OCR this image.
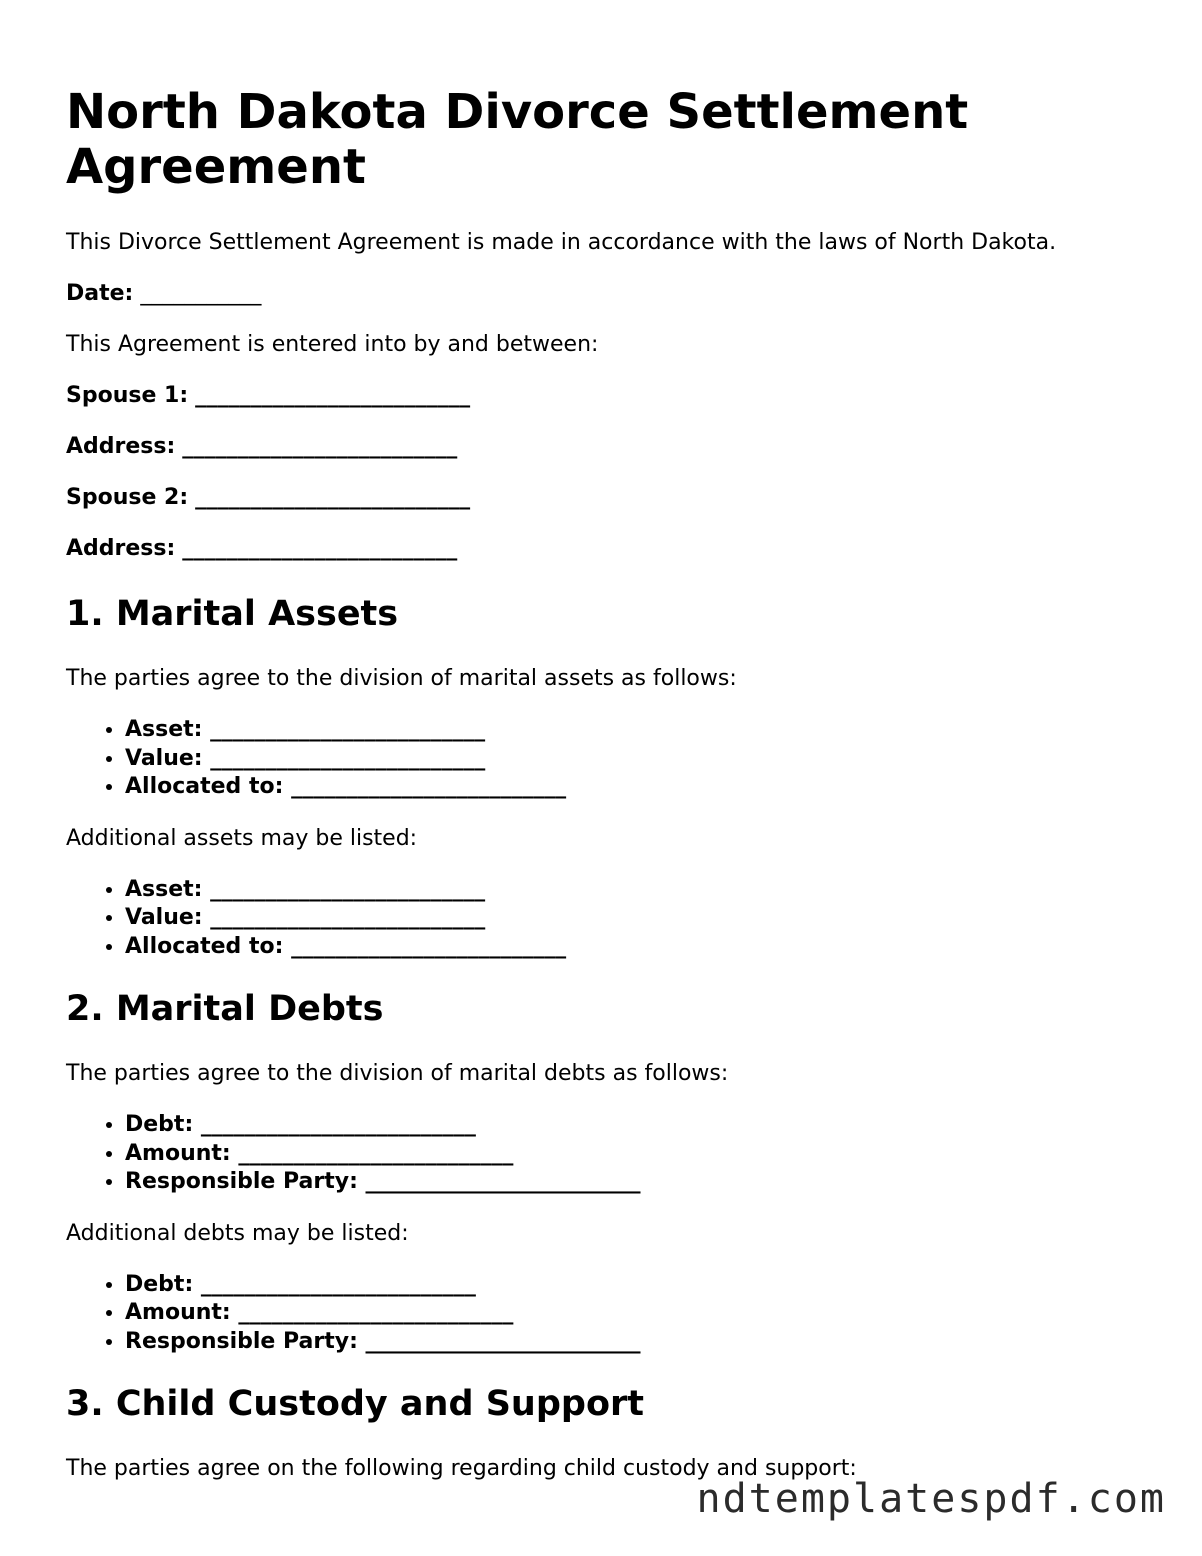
North Dakota Divorce Settlement Agreement

This Divorce Settlement Agreement is made in accordance with the laws of North Dakota.

Date: ___________

This Agreement is entered into by and between:

Spouse 1: _________________________

Address: _________________________

Spouse 2: _________________________

Address: _________________________

1. Marital Assets

The parties agree to the division of marital assets as follows:

• Asset: _________________________
• Value: _________________________
• Allocated to: _________________________

Additional assets may be listed:

• Asset: _________________________
• Value: _________________________
• Allocated to: _________________________
2. Marital Debts

The parties agree to the division of marital debts as follows:

• Debt: _________________________
• Amount: _________________________
• Responsible Party: _________________________

Additional debts may be listed:

• Debt: _________________________
• Amount: _________________________
• Responsible Party: _________________________
3. Child Custody and Support

The parties agree on the following regarding child custody and support:

ndtemplatespdf.com
